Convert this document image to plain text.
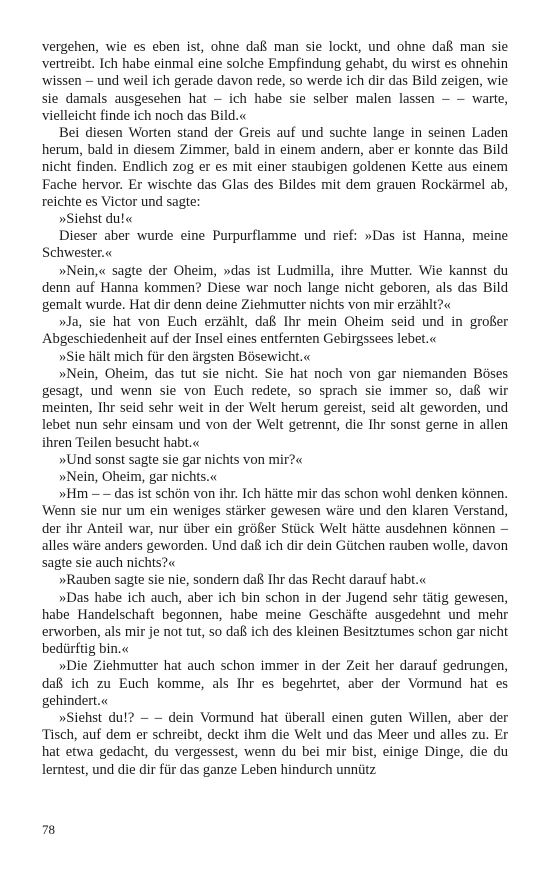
vergehen, wie es eben ist, ohne daß man sie lockt, und ohne daß man sie vertreibt. Ich habe einmal eine solche Empfindung gehabt, du wirst es ohnehin wissen – und weil ich gerade davon rede, so werde ich dir das Bild zeigen, wie sie damals ausgesehen hat – ich habe sie selber malen lassen – – warte, vielleicht finde ich noch das Bild.«

Bei diesen Worten stand der Greis auf und suchte lange in seinen Laden herum, bald in diesem Zimmer, bald in einem andern, aber er konnte das Bild nicht finden. Endlich zog er es mit einer staubigen goldenen Kette aus einem Fache hervor. Er wischte das Glas des Bildes mit dem grauen Rockärmel ab, reichte es Victor und sagte:

»Siehst du!«

Dieser aber wurde eine Purpurflamme und rief: »Das ist Hanna, meine Schwester.«

»Nein,« sagte der Oheim, »das ist Ludmilla, ihre Mutter. Wie kannst du denn auf Hanna kommen? Diese war noch lange nicht geboren, als das Bild gemalt wurde. Hat dir denn deine Ziehmutter nichts von mir erzählt?«

»Ja, sie hat von Euch erzählt, daß Ihr mein Oheim seid und in großer Abgeschiedenheit auf der Insel eines entfernten Gebirgssees lebet.«

»Sie hält mich für den ärgsten Bösewicht.«

»Nein, Oheim, das tut sie nicht. Sie hat noch von gar niemanden Böses gesagt, und wenn sie von Euch redete, so sprach sie immer so, daß wir meinten, Ihr seid sehr weit in der Welt herum gereist, seid alt geworden, und lebet nun sehr einsam und von der Welt getrennt, die Ihr sonst gerne in allen ihren Teilen besucht habt.«

»Und sonst sagte sie gar nichts von mir?«

»Nein, Oheim, gar nichts.«

»Hm – – das ist schön von ihr. Ich hätte mir das schon wohl denken können. Wenn sie nur um ein weniges stärker gewesen wäre und den klaren Verstand, der ihr Anteil war, nur über ein größer Stück Welt hätte ausdehnen können – alles wäre anders geworden. Und daß ich dir dein Gütchen rauben wolle, davon sagte sie auch nichts?«

»Rauben sagte sie nie, sondern daß Ihr das Recht darauf habt.«

»Das habe ich auch, aber ich bin schon in der Jugend sehr tätig gewesen, habe Handelschaft begonnen, habe meine Geschäfte ausgedehnt und mehr erworben, als mir je not tut, so daß ich des kleinen Besitztumes schon gar nicht bedürftig bin.«

»Die Ziehmutter hat auch schon immer in der Zeit her darauf gedrungen, daß ich zu Euch komme, als Ihr es begehrtet, aber der Vormund hat es gehindert.«

»Siehst du!? – – dein Vormund hat überall einen guten Willen, aber der Tisch, auf dem er schreibt, deckt ihm die Welt und das Meer und alles zu. Er hat etwa gedacht, du vergessest, wenn du bei mir bist, einige Dinge, die du lerntest, und die dir für das ganze Leben hindurch unnütz

78
